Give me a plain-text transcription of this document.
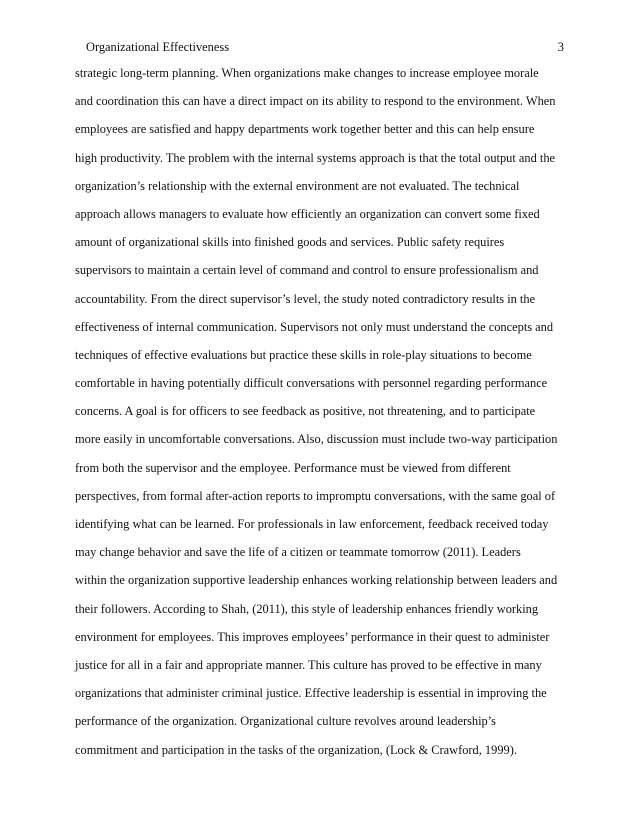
Organizational Effectiveness	3
strategic long-term planning. When organizations make changes to increase employee morale
and coordination this can have a direct impact on its ability to respond to the environment. When
employees are satisfied and happy departments work together better and this can help ensure
high productivity. The problem with the internal systems approach is that the total output and the
organization’s relationship with the external environment are not evaluated. The technical
approach allows managers to evaluate how efficiently an organization can convert some fixed
amount of organizational skills into finished goods and services. Public safety requires
supervisors to maintain a certain level of command and control to ensure professionalism and
accountability. From the direct supervisor’s level, the study noted contradictory results in the
effectiveness of internal communication. Supervisors not only must understand the concepts and
techniques of effective evaluations but practice these skills in role-play situations to become
comfortable in having potentially difficult conversations with personnel regarding performance
concerns. A goal is for officers to see feedback as positive, not threatening, and to participate
more easily in uncomfortable conversations. Also, discussion must include two-way participation
from both the supervisor and the employee. Performance must be viewed from different
perspectives, from formal after-action reports to impromptu conversations, with the same goal of
identifying what can be learned. For professionals in law enforcement, feedback received today
may change behavior and save the life of a citizen or teammate tomorrow (2011). Leaders
within the organization supportive leadership enhances working relationship between leaders and
their followers. According to Shah, (2011), this style of leadership enhances friendly working
environment for employees. This improves employees’ performance in their quest to administer
justice for all in a fair and appropriate manner. This culture has proved to be effective in many
organizations that administer criminal justice. Effective leadership is essential in improving the
performance of the organization. Organizational culture revolves around leadership’s
commitment and participation in the tasks of the organization, (Lock & Crawford, 1999).
